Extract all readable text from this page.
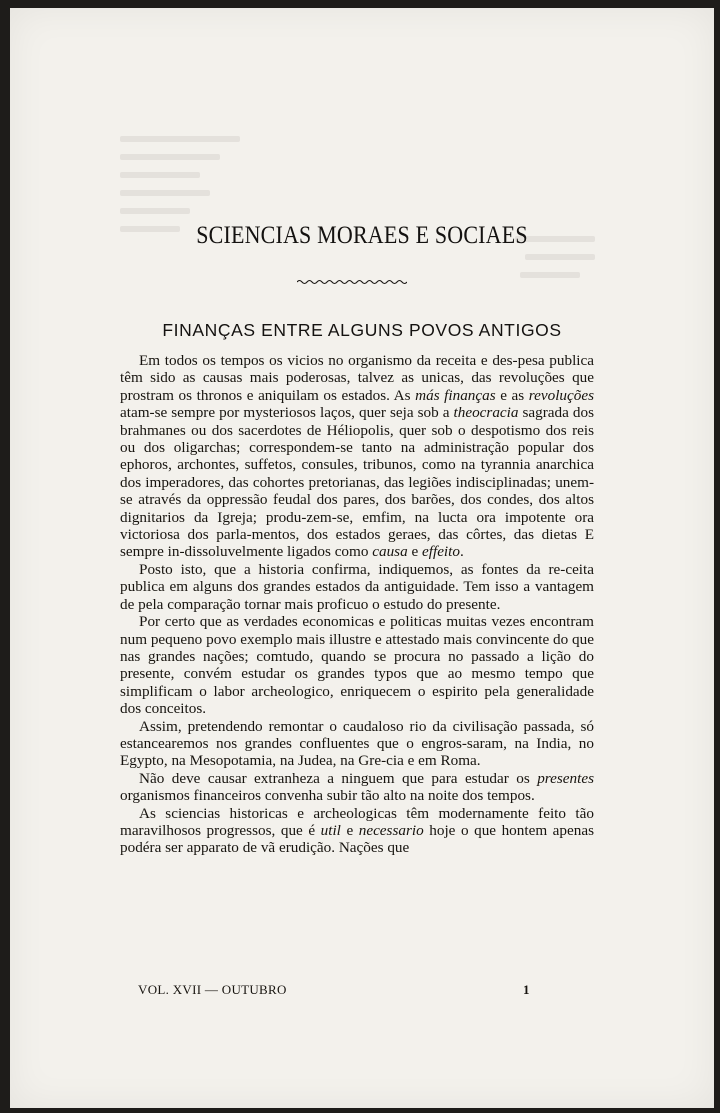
SCIENCIAS MORAES E SOCIAES
FINANÇAS ENTRE ALGUNS POVOS ANTIGOS

Em todos os tempos os vicios no organismo da receita e des-pesa publica têm sido as causas mais poderosas, talvez as unicas, das revoluções que prostram os thronos e aniquilam os estados. As más finanças e as revoluções atam-se sempre por mysteriosos laços, quer seja sob a theocracia sagrada dos brahmanes ou dos sacerdotes de Héliopolis, quer sob o despotismo dos reis ou dos oligarchas; correspondem-se tanto na administração popular dos ephoros, archontes, suffetos, consules, tribunos, como na tyrannia anarchica dos imperadores, das cohortes pretorianas, das legiões indisciplinadas; unem-se através da oppressão feudal dos pares, dos barões, dos condes, dos altos dignitarios da Igreja; produ-zem-se, emfim, na lucta ora impotente ora victoriosa dos parla-mentos, dos estados geraes, das côrtes, das dietas E sempre in-dissoluvelmente ligados como causa e effeito.

Posto isto, que a historia confirma, indiquemos, as fontes da re-ceita publica em alguns dos grandes estados da antiguidade. Tem isso a vantagem de pela comparação tornar mais proficuo o estudo do presente.

Por certo que as verdades economicas e politicas muitas vezes encontram num pequeno povo exemplo mais illustre e attestado mais convincente do que nas grandes nações; comtudo, quando se procura no passado a lição do presente, convém estudar os grandes typos que ao mesmo tempo que simplificam o labor archeologico, enriquecem o espirito pela generalidade dos conceitos.

Assim, pretendendo remontar o caudaloso rio da civilisação passada, só estancearemos nos grandes confluentes que o engros-saram, na India, no Egypto, na Mesopotamia, na Judea, na Gre-cia e em Roma.

Não deve causar extranheza a ninguem que para estudar os presentes organismos financeiros convenha subir tão alto na noite dos tempos.

As sciencias historicas e archeologicas têm modernamente feito tão maravilhosos progressos, que é util e necessario hoje o que hontem apenas podéra ser apparato de vã erudição. Nações que

VOL. XVII — OUTUBRO	1
